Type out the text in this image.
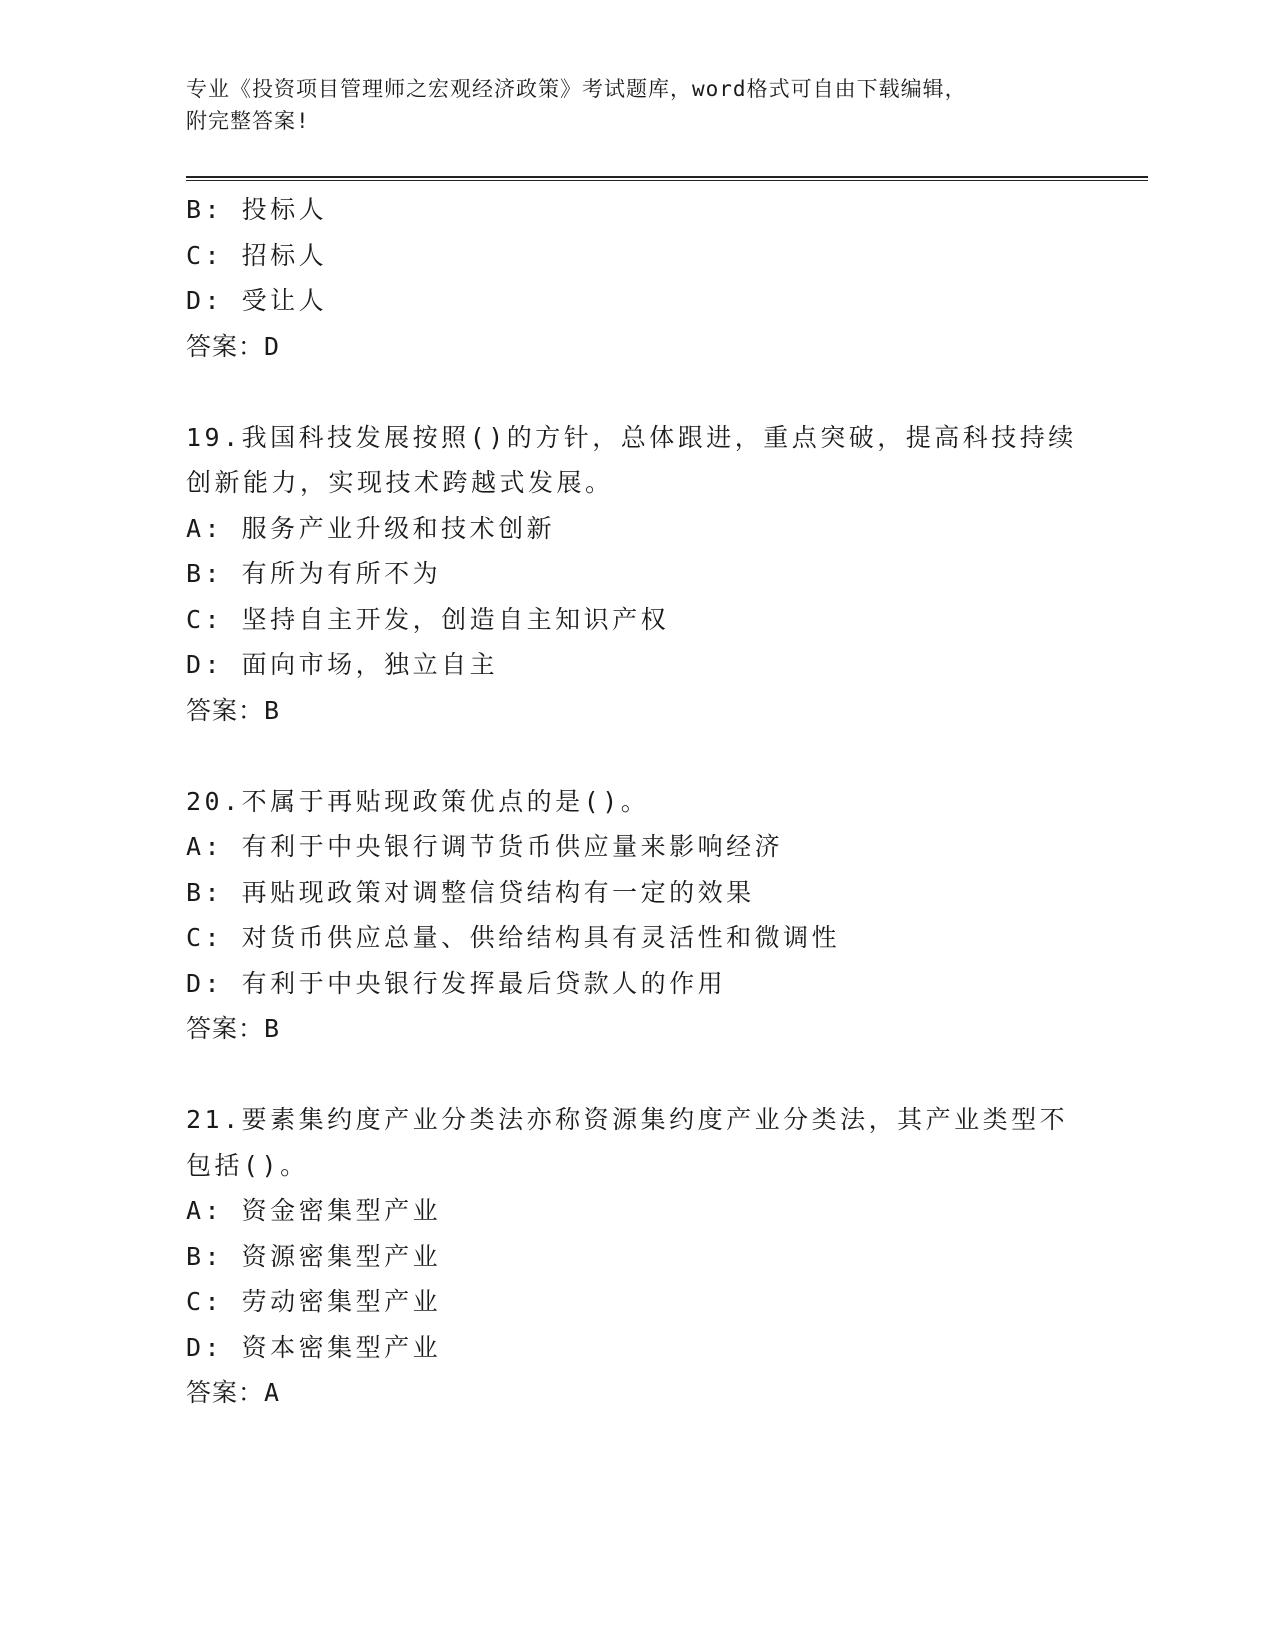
专业《投资项目管理师之宏观经济政策》考试题库，word格式可自由下载编辑，
附完整答案!
B: 投标人
C: 招标人
D: 受让人
答案：D
19.我国科技发展按照()的方针，总体跟进，重点突破，提高科技持续
创新能力，实现技术跨越式发展。
A: 服务产业升级和技术创新
B: 有所为有所不为
C: 坚持自主开发，创造自主知识产权
D: 面向市场，独立自主
答案：B
20.不属于再贴现政策优点的是()。
A: 有利于中央银行调节货币供应量来影响经济
B: 再贴现政策对调整信贷结构有一定的效果
C: 对货币供应总量、供给结构具有灵活性和微调性
D: 有利于中央银行发挥最后贷款人的作用
答案：B
21.要素集约度产业分类法亦称资源集约度产业分类法，其产业类型不
包括()。
A: 资金密集型产业
B: 资源密集型产业
C: 劳动密集型产业
D: 资本密集型产业
答案：A
